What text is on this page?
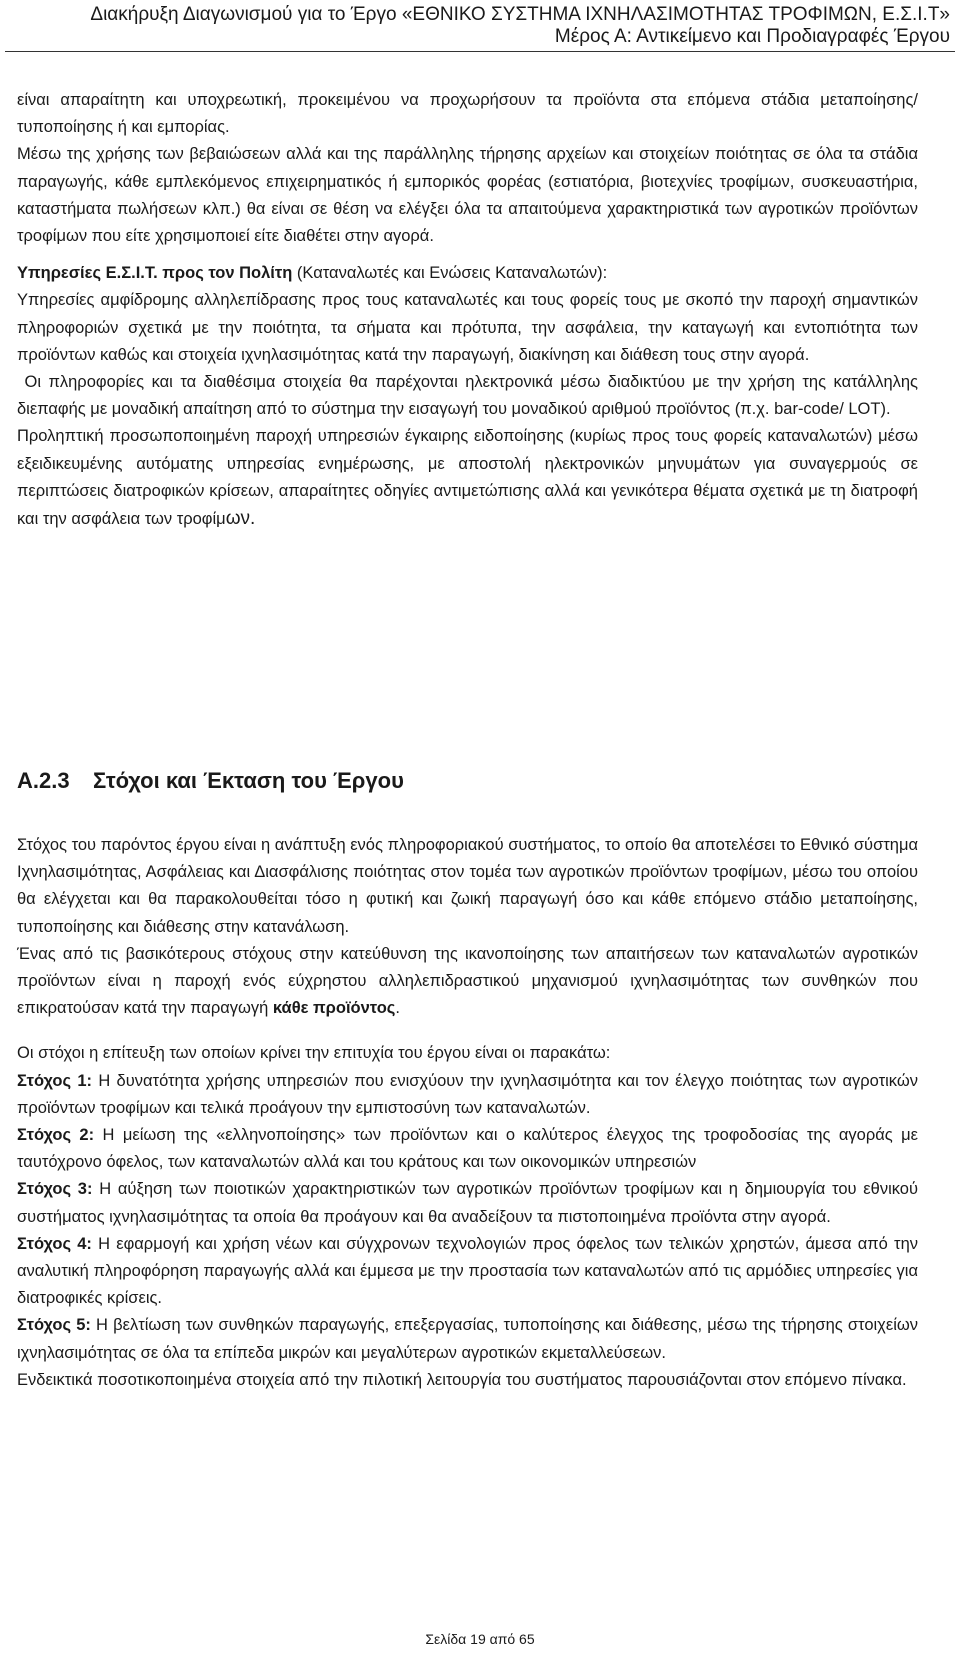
Διακήρυξη Διαγωνισμού για το Έργο «ΕΘΝΙΚΟ ΣΥΣΤΗΜΑ ΙΧΝΗΛΑΣΙΜΟΤΗΤΑΣ ΤΡΟΦΙΜΩΝ, Ε.Σ.Ι.Τ»
Μέρος Α: Αντικείμενο και Προδιαγραφές Έργου

είναι απαραίτητη και υποχρεωτική, προκειμένου να προχωρήσουν τα προϊόντα στα επόμενα στάδια μεταποίησης/τυποποίησης ή και εμπορίας.

Μέσω της χρήσης των βεβαιώσεων αλλά και της παράλληλης τήρησης αρχείων και στοιχείων ποιότητας σε όλα τα στάδια παραγωγής, κάθε εμπλεκόμενος επιχειρηματικός ή εμπορικός φορέας (εστιατόρια, βιοτεχνίες τροφίμων, συσκευαστήρια, καταστήματα πωλήσεων κλπ.) θα είναι σε θέση να ελέγξει όλα τα απαιτούμενα χαρακτηριστικά των αγροτικών προϊόντων τροφίμων που είτε χρησιμοποιεί είτε διαθέτει στην αγορά.

Υπηρεσίες Ε.Σ.Ι.Τ. προς τον Πολίτη (Καταναλωτές και Ενώσεις Καταναλωτών):

Υπηρεσίες αμφίδρομης αλληλεπίδρασης προς τους καταναλωτές και τους φορείς τους με σκοπό την παροχή σημαντικών πληροφοριών σχετικά με την ποιότητα, τα σήματα και πρότυπα, την ασφάλεια, την καταγωγή και εντοπιότητα των προϊόντων καθώς και στοιχεία ιχνηλασιμότητας κατά την παραγωγή, διακίνηση και διάθεση τους στην αγορά.

Οι πληροφορίες και τα διαθέσιμα στοιχεία θα παρέχονται ηλεκτρονικά μέσω διαδικτύου με την χρήση της κατάλληλης διεπαφής με μοναδική απαίτηση από το σύστημα την εισαγωγή του μοναδικού αριθμού προϊόντος (π.χ. bar-code/ LOT).

Προληπτική προσωποποιημένη παροχή υπηρεσιών έγκαιρης ειδοποίησης (κυρίως προς τους φορείς καταναλωτών) μέσω εξειδικευμένης αυτόματης υπηρεσίας ενημέρωσης, με αποστολή ηλεκτρονικών μηνυμάτων για συναγερμούς σε περιπτώσεις διατροφικών κρίσεων, απαραίτητες οδηγίες αντιμετώπισης αλλά και γενικότερα θέματα σχετικά με τη διατροφή και την ασφάλεια των τροφίμων.

Α.2.3 Στόχοι και Έκταση του Έργου

Στόχος του παρόντος έργου είναι η ανάπτυξη ενός πληροφοριακού συστήματος, το οποίο θα αποτελέσει το Εθνικό σύστημα Ιχνηλασιμότητας, Ασφάλειας και Διασφάλισης ποιότητας στον τομέα των αγροτικών προϊόντων τροφίμων, μέσω του οποίου θα ελέγχεται και θα παρακολουθείται τόσο η φυτική και ζωική παραγωγή όσο και κάθε επόμενο στάδιο μεταποίησης, τυποποίησης και διάθεσης στην κατανάλωση.

Ένας από τις βασικότερους στόχους στην κατεύθυνση της ικανοποίησης των απαιτήσεων των καταναλωτών αγροτικών προϊόντων είναι η παροχή ενός εύχρηστου αλληλεπιδραστικού μηχανισμού ιχνηλασιμότητας των συνθηκών που επικρατούσαν κατά την παραγωγή κάθε προϊόντος.

Οι στόχοι η επίτευξη των οποίων κρίνει την επιτυχία του έργου είναι οι παρακάτω:

Στόχος 1: Η δυνατότητα χρήσης υπηρεσιών που ενισχύουν την ιχνηλασιμότητα και τον έλεγχο ποιότητας των αγροτικών προϊόντων τροφίμων και τελικά προάγουν την εμπιστοσύνη των καταναλωτών.

Στόχος 2: Η μείωση της «ελληνοποίησης» των προϊόντων και ο καλύτερος έλεγχος της τροφοδοσίας της αγοράς με ταυτόχρονο όφελος, των καταναλωτών αλλά και του κράτους και των οικονομικών υπηρεσιών

Στόχος 3: Η αύξηση των ποιοτικών χαρακτηριστικών των αγροτικών προϊόντων τροφίμων και η δημιουργία του εθνικού συστήματος ιχνηλασιμότητας τα οποία θα προάγουν και θα αναδείξουν τα πιστοποιημένα προϊόντα στην αγορά.

Στόχος 4: Η εφαρμογή και χρήση νέων και σύγχρονων τεχνολογιών προς όφελος των τελικών χρηστών, άμεσα από την αναλυτική πληροφόρηση παραγωγής αλλά και έμμεσα με την προστασία των καταναλωτών από τις αρμόδιες υπηρεσίες για διατροφικές κρίσεις.

Στόχος 5: Η βελτίωση των συνθηκών παραγωγής, επεξεργασίας, τυποποίησης και διάθεσης, μέσω της τήρησης στοιχείων ιχνηλασιμότητας σε όλα τα επίπεδα μικρών και μεγαλύτερων αγροτικών εκμεταλλεύσεων.

Ενδεικτικά ποσοτικοποιημένα στοιχεία από την πιλοτική λειτουργία του συστήματος παρουσιάζονται στον επόμενο πίνακα.

Σελίδα 19 από 65
